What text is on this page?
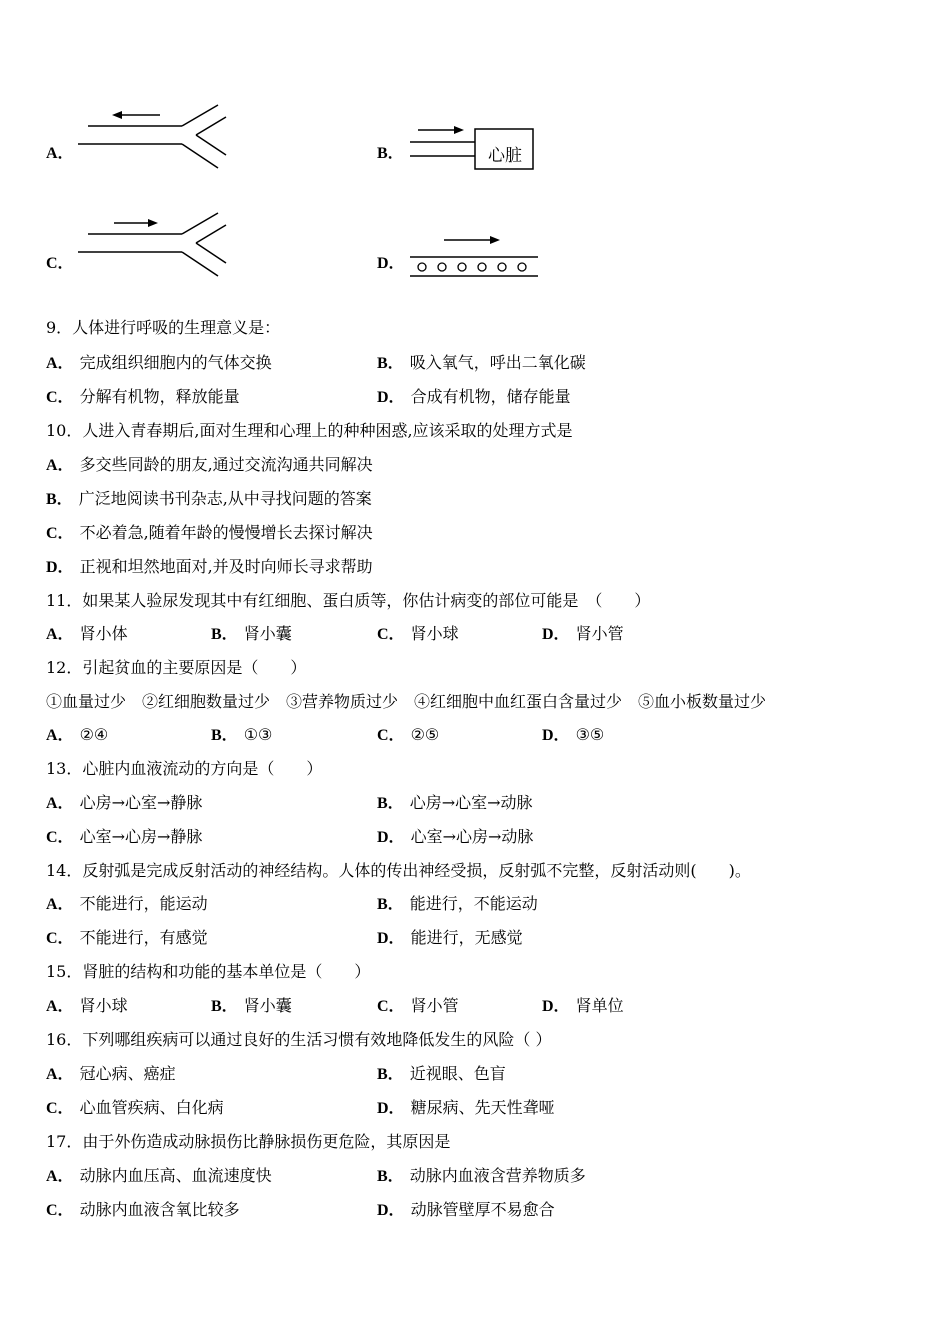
A．	B．	心脏
C．	D．
9．人体进行呼吸的生理意义是：
A． 完成组织细胞内的气体交换	B． 吸入氧气，呼出二氧化碳
C． 分解有机物，释放能量	D． 合成有机物，储存能量
10．人进入青春期后,面对生理和心理上的种种困惑,应该采取的处理方式是
A． 多交些同龄的朋友,通过交流沟通共同解决
B． 广泛地阅读书刊杂志,从中寻找问题的答案
C． 不必着急,随着年龄的慢慢增长去探讨解决
D． 正视和坦然地面对,并及时向师长寻求帮助
11．如果某人验尿发现其中有红细胞、蛋白质等，你估计病变的部位可能是　（　　）
A． 肾小体	B． 肾小囊	C． 肾小球	D． 肾小管
12．引起贫血的主要原因是（　　）
①血量过少　②红细胞数量过少　③营养物质过少　④红细胞中血红蛋白含量过少　⑤血小板数量过少
A． ②④	B． ①③	C． ②⑤	D． ③⑤
13．心脏内血液流动的方向是（　　）
A． 心房→心室→静脉	B． 心房→心室→动脉
C． 心室→心房→静脉	D． 心室→心房→动脉
14．反射弧是完成反射活动的神经结构。人体的传出神经受损，反射弧不完整，反射活动则(　　)。
A． 不能进行，能运动	B． 能进行，不能运动
C． 不能进行，有感觉	D． 能进行，无感觉
15．肾脏的结构和功能的基本单位是（　　）
A． 肾小球	B． 肾小囊	C． 肾小管	D． 肾单位
16．下列哪组疾病可以通过良好的生活习惯有效地降低发生的风险（ ）
A． 冠心病、癌症	B． 近视眼、色盲
C． 心血管疾病、白化病	D． 糖尿病、先天性聋哑
17．由于外伤造成动脉损伤比静脉损伤更危险，其原因是
A． 动脉内血压高、血流速度快	B． 动脉内血液含营养物质多
C． 动脉内血液含氧比较多	D． 动脉管壁厚不易愈合
